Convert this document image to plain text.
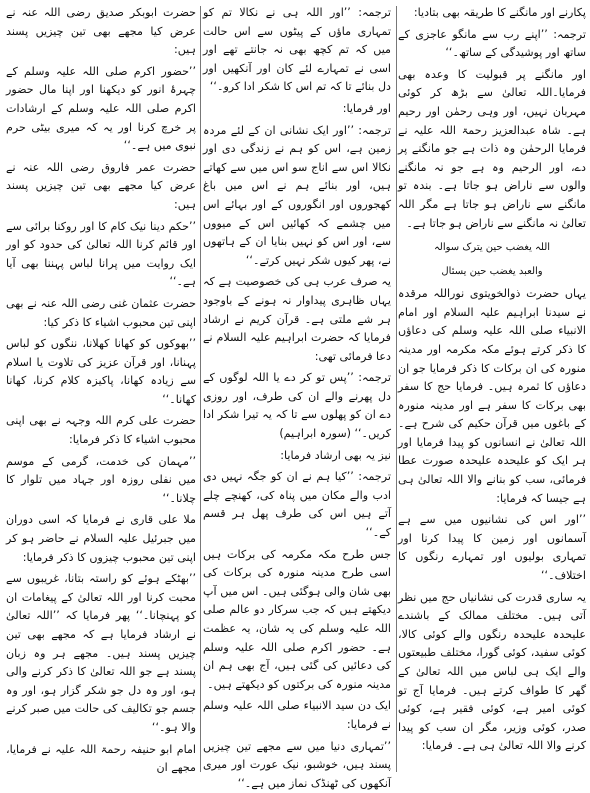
پکارنے اور مانگنے کا طریقہ بھی بتادیا:

ترجمہ: ’’اپنے رب سے مانگو عاجزی کے ساتھ اور پوشیدگی کے ساتھ۔‘‘

اور مانگنے پر قبولیت کا وعدہ بھی فرمایا۔اللہ تعالیٰ سے بڑھ کر کوئی مہربان نہیں، اور وہی رحمٰن اور رحیم ہے۔ شاہ عبدالعزیز رحمۃ اللہ علیہ نے فرمایا الرحمٰن وہ ذات ہے جو مانگنے پر دے، اور الرحیم وہ ہے جو نہ مانگنے والوں سے ناراض ہو جاتا ہے۔ بندہ تو مانگنے سے ناراض ہو جاتا ہے مگر اللہ تعالیٰ نہ مانگنے سے ناراض ہو جاتا ہے۔

اللہ یغضب حین یترک سوالہ

والعبد یغضب حین یسئال

یہاں حضرت ذوالخویتوی نوراللہ مرقدہ نے سیدنا ابراہیم علیہ السلام اور امام الانبیاء صلی اللہ علیہ وسلم کی دعاؤں کا ذکر کرتے ہوئے مکہ مکرمہ اور مدینہ منورہ کی ان برکات کا ذکر فرمایا جو ان دعاؤں کا ثمرہ ہیں۔ فرمایا حج کا سفر بھی برکات کا سفر ہے اور مدینہ منورہ کے باغوں میں قرآن حکیم کی شرح ہے۔ اللہ تعالیٰ نے انسانوں کو پیدا فرمایا اور ہر ایک کو علیحدہ علیحدہ صورت عطا فرمائی، سب کو بنانے والا اللہ تعالیٰ ہی ہے جیسا کہ فرمایا:

’’اور اس کی نشانیوں میں سے ہے آسمانوں اور زمین کا پیدا کرنا اور تمہاری بولیوں اور تمہارے رنگوں کا اختلاف۔‘‘

یہ ساری قدرت کی نشانیاں حج میں نظر آتی ہیں۔ مختلف ممالک کے باشندے علیحدہ علیحدہ رنگوں والے کوئی کالا، کوئی سفید، کوئی گورا، مختلف طبیعتوں والے ایک ہی لباس میں اللہ تعالیٰ کے گھر کا طواف کرتے ہیں۔ فرمایا آج تو کوئی امیر ہے، کوئی فقیر ہے، کوئی صدر، کوئی وزیر، مگر ان سب کو پیدا کرنے والا اللہ تعالیٰ ہی ہے۔ فرمایا:

ترجمہ: ’’اور اللہ ہی نے نکالا تم کو تمہاری ماؤں کے پیٹوں سے اس حالت میں کہ تم کچھ بھی نہ جانتے تھے اور اسی نے تمہارے لئے کان اور آنکھیں اور دل بنائے تا کہ تم اس کا شکر ادا کرو۔‘‘

اور فرمایا:

ترجمہ: ’’اور ایک نشانی ان کے لئے مردہ زمین ہے، اس کو ہم نے زندگی دی اور نکالا اس سے اناج سو اس میں سے کھاتے ہیں، اور بنائے ہم نے اس میں باغ کھجوروں اور انگوروں کے اور بہائے اس میں چشمے کہ کھائیں اس کے میووں سے، اور اس کو نہیں بنایا ان کے ہاتھوں نے، پھر کیوں شکر نہیں کرتے۔‘‘

یہ صرف عرب ہی کی خصوصیت ہے کہ یہاں ظاہری پیداوار نہ ہونے کے باوجود ہر شے ملتی ہے۔ قرآن کریم نے ارشاد فرمایا کہ حضرت ابراہیم علیہ السلام نے دعا فرمائی تھی:

ترجمہ: ’’پس تو کر دے یا اللہ لوگوں کے دل پھرنے والے ان کی طرف، اور روزی دے ان کو پھلوں سے تا کہ یہ تیرا شکر ادا کریں۔‘‘ (سورہ ابراہیم)

نیز یہ بھی ارشاد فرمایا:

ترجمہ: ’’کیا ہم نے ان کو جگہ نہیں دی ادب والے مکان میں پناہ کی، کھنچے چلے آتے ہیں اس کی طرف پھل ہر قسم کے۔‘‘

جس طرح مکہ مکرمہ کی برکات ہیں اسی طرح مدینہ منورہ کی برکات کی بھی شان والی ہوگئی ہیں۔ اس میں آپ دیکھتے ہیں کہ جب سرکار دو عالم صلی اللہ علیہ وسلم کی یہ شان، یہ عظمت ہے۔ حضور اکرم صلی اللہ علیہ وسلم کی دعائیں کی گئی ہیں، آج بھی ہم ان مدینہ منورہ کی برکتوں کو دیکھتے ہیں۔

ایک دن سید الانبیاء صلی اللہ علیہ وسلم نے فرمایا:

’’تمہاری دنیا میں سے مجھے تین چیزیں پسند ہیں، خوشبو، نیک عورت اور میری آنکھوں کی ٹھنڈک نماز میں ہے۔‘‘

حضرت ابوبکر صدیق رضی اللہ عنہ نے عرض کیا مجھے بھی تین چیزیں پسند ہیں:

’’حضور اکرم صلی اللہ علیہ وسلم کے چہرۂ انور کو دیکھنا اور اپنا مال حضور اکرم صلی اللہ علیہ وسلم کے ارشادات پر خرچ کرنا اور یہ کہ میری بیٹی حرم نبوی میں ہے۔‘‘

حضرت عمر فاروق رضی اللہ عنہ نے عرض کیا مجھے بھی تین چیزیں پسند ہیں:

’’حکم دینا نیک کام کا اور روکنا برائی سے اور قائم کرنا اللہ تعالیٰ کی حدود کو اور ایک روایت میں پرانا لباس پہننا بھی آیا ہے۔‘‘

حضرت عثمان غنی رضی اللہ عنہ نے بھی اپنی تین محبوب اشیاء کا ذکر کیا:

’’بھوکوں کو کھانا کھلانا، ننگوں کو لباس پہنانا، اور قرآن عزیز کی تلاوت یا اسلام سے زیادہ کھانا، پاکیزہ کلام کرنا، کھانا کھانا۔‘‘

حضرت علی کرم اللہ وجہہ نے بھی اپنی محبوب اشیاء کا ذکر فرمایا:

’’مہمان کی خدمت، گرمی کے موسم میں نفلی روزہ اور جہاد میں تلوار کا چلانا۔‘‘

ملا علی قاری نے فرمایا کہ اسی دوران میں جبرئیل علیہ السلام نے حاضر ہو کر اپنی تین محبوب چیزوں کا ذکر فرمایا:

’’بھٹکے ہوئے کو راستہ بتانا، غریبوں سے محبت کرنا اور اللہ تعالیٰ کے پیغامات ان کو پہنچانا۔‘‘ پھر فرمایا کہ ’’اللہ تعالیٰ نے ارشاد فرمایا ہے کہ مجھے بھی تین چیزیں پسند ہیں۔ مجھے ہر وہ زبان پسند ہے جو اللہ تعالیٰ کا ذکر کرنے والی ہو، اور وہ دل جو شکر گزار ہو، اور وہ جسم جو تکالیف کی حالت میں صبر کرنے والا ہو۔‘‘

امام ابو حنیفہ رحمۃ اللہ علیہ نے فرمایا، مجھے ان
